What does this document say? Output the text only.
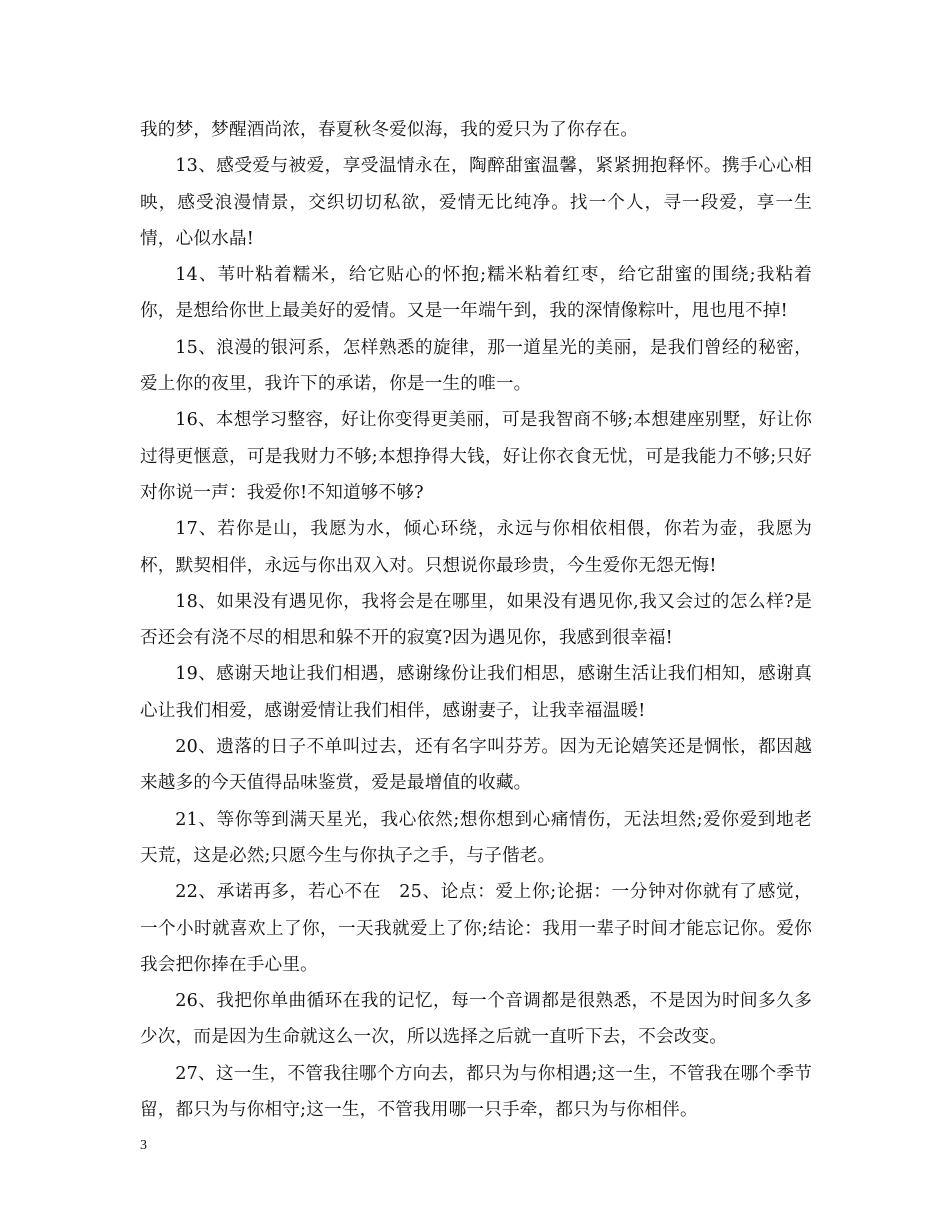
我的梦，梦醒酒尚浓，春夏秋冬爱似海，我的爱只为了你存在。

13、感受爱与被爱，享受温情永在，陶醉甜蜜温馨，紧紧拥抱释怀。携手心心相映，感受浪漫情景，交织切切私欲，爱情无比纯净。找一个人，寻一段爱，享一生情，心似水晶!

14、苇叶粘着糯米，给它贴心的怀抱;糯米粘着红枣，给它甜蜜的围绕;我粘着你，是想给你世上最美好的爱情。又是一年端午到，我的深情像粽叶，甩也甩不掉!

15、浪漫的银河系，怎样熟悉的旋律，那一道星光的美丽，是我们曾经的秘密，爱上你的夜里，我许下的承诺，你是一生的唯一。

16、本想学习整容，好让你变得更美丽，可是我智商不够;本想建座别墅，好让你过得更惬意，可是我财力不够;本想挣得大钱，好让你衣食无忧，可是我能力不够;只好对你说一声：我爱你!不知道够不够?

17、若你是山，我愿为水，倾心环绕，永远与你相依相偎，你若为壶，我愿为杯，默契相伴，永远与你出双入对。只想说你最珍贵，今生爱你无怨无悔!

18、如果没有遇见你，我将会是在哪里，如果没有遇见你,我又会过的怎么样?是否还会有浇不尽的相思和躲不开的寂寞?因为遇见你，我感到很幸福!

19、感谢天地让我们相遇，感谢缘份让我们相思，感谢生活让我们相知，感谢真心让我们相爱，感谢爱情让我们相伴，感谢妻子，让我幸福温暖!

20、遗落的日子不单叫过去，还有名字叫芬芳。因为无论嬉笑还是惆怅，都因越来越多的今天值得品味鉴赏，爱是最增值的收藏。

21、等你等到满天星光，我心依然;想你想到心痛情伤，无法坦然;爱你爱到地老天荒，这是必然;只愿今生与你执子之手，与子偕老。

22、承诺再多，若心不在　25、论点：爱上你;论据：一分钟对你就有了感觉，一个小时就喜欢上了你，一天我就爱上了你;结论：我用一辈子时间才能忘记你。爱你我会把你捧在手心里。

26、我把你单曲循环在我的记忆，每一个音调都是很熟悉，不是因为时间多久多少次，而是因为生命就这么一次，所以选择之后就一直听下去，不会改变。

27、这一生，不管我往哪个方向去，都只为与你相遇;这一生，不管我在哪个季节留，都只为与你相守;这一生，不管我用哪一只手牵，都只为与你相伴。

3
